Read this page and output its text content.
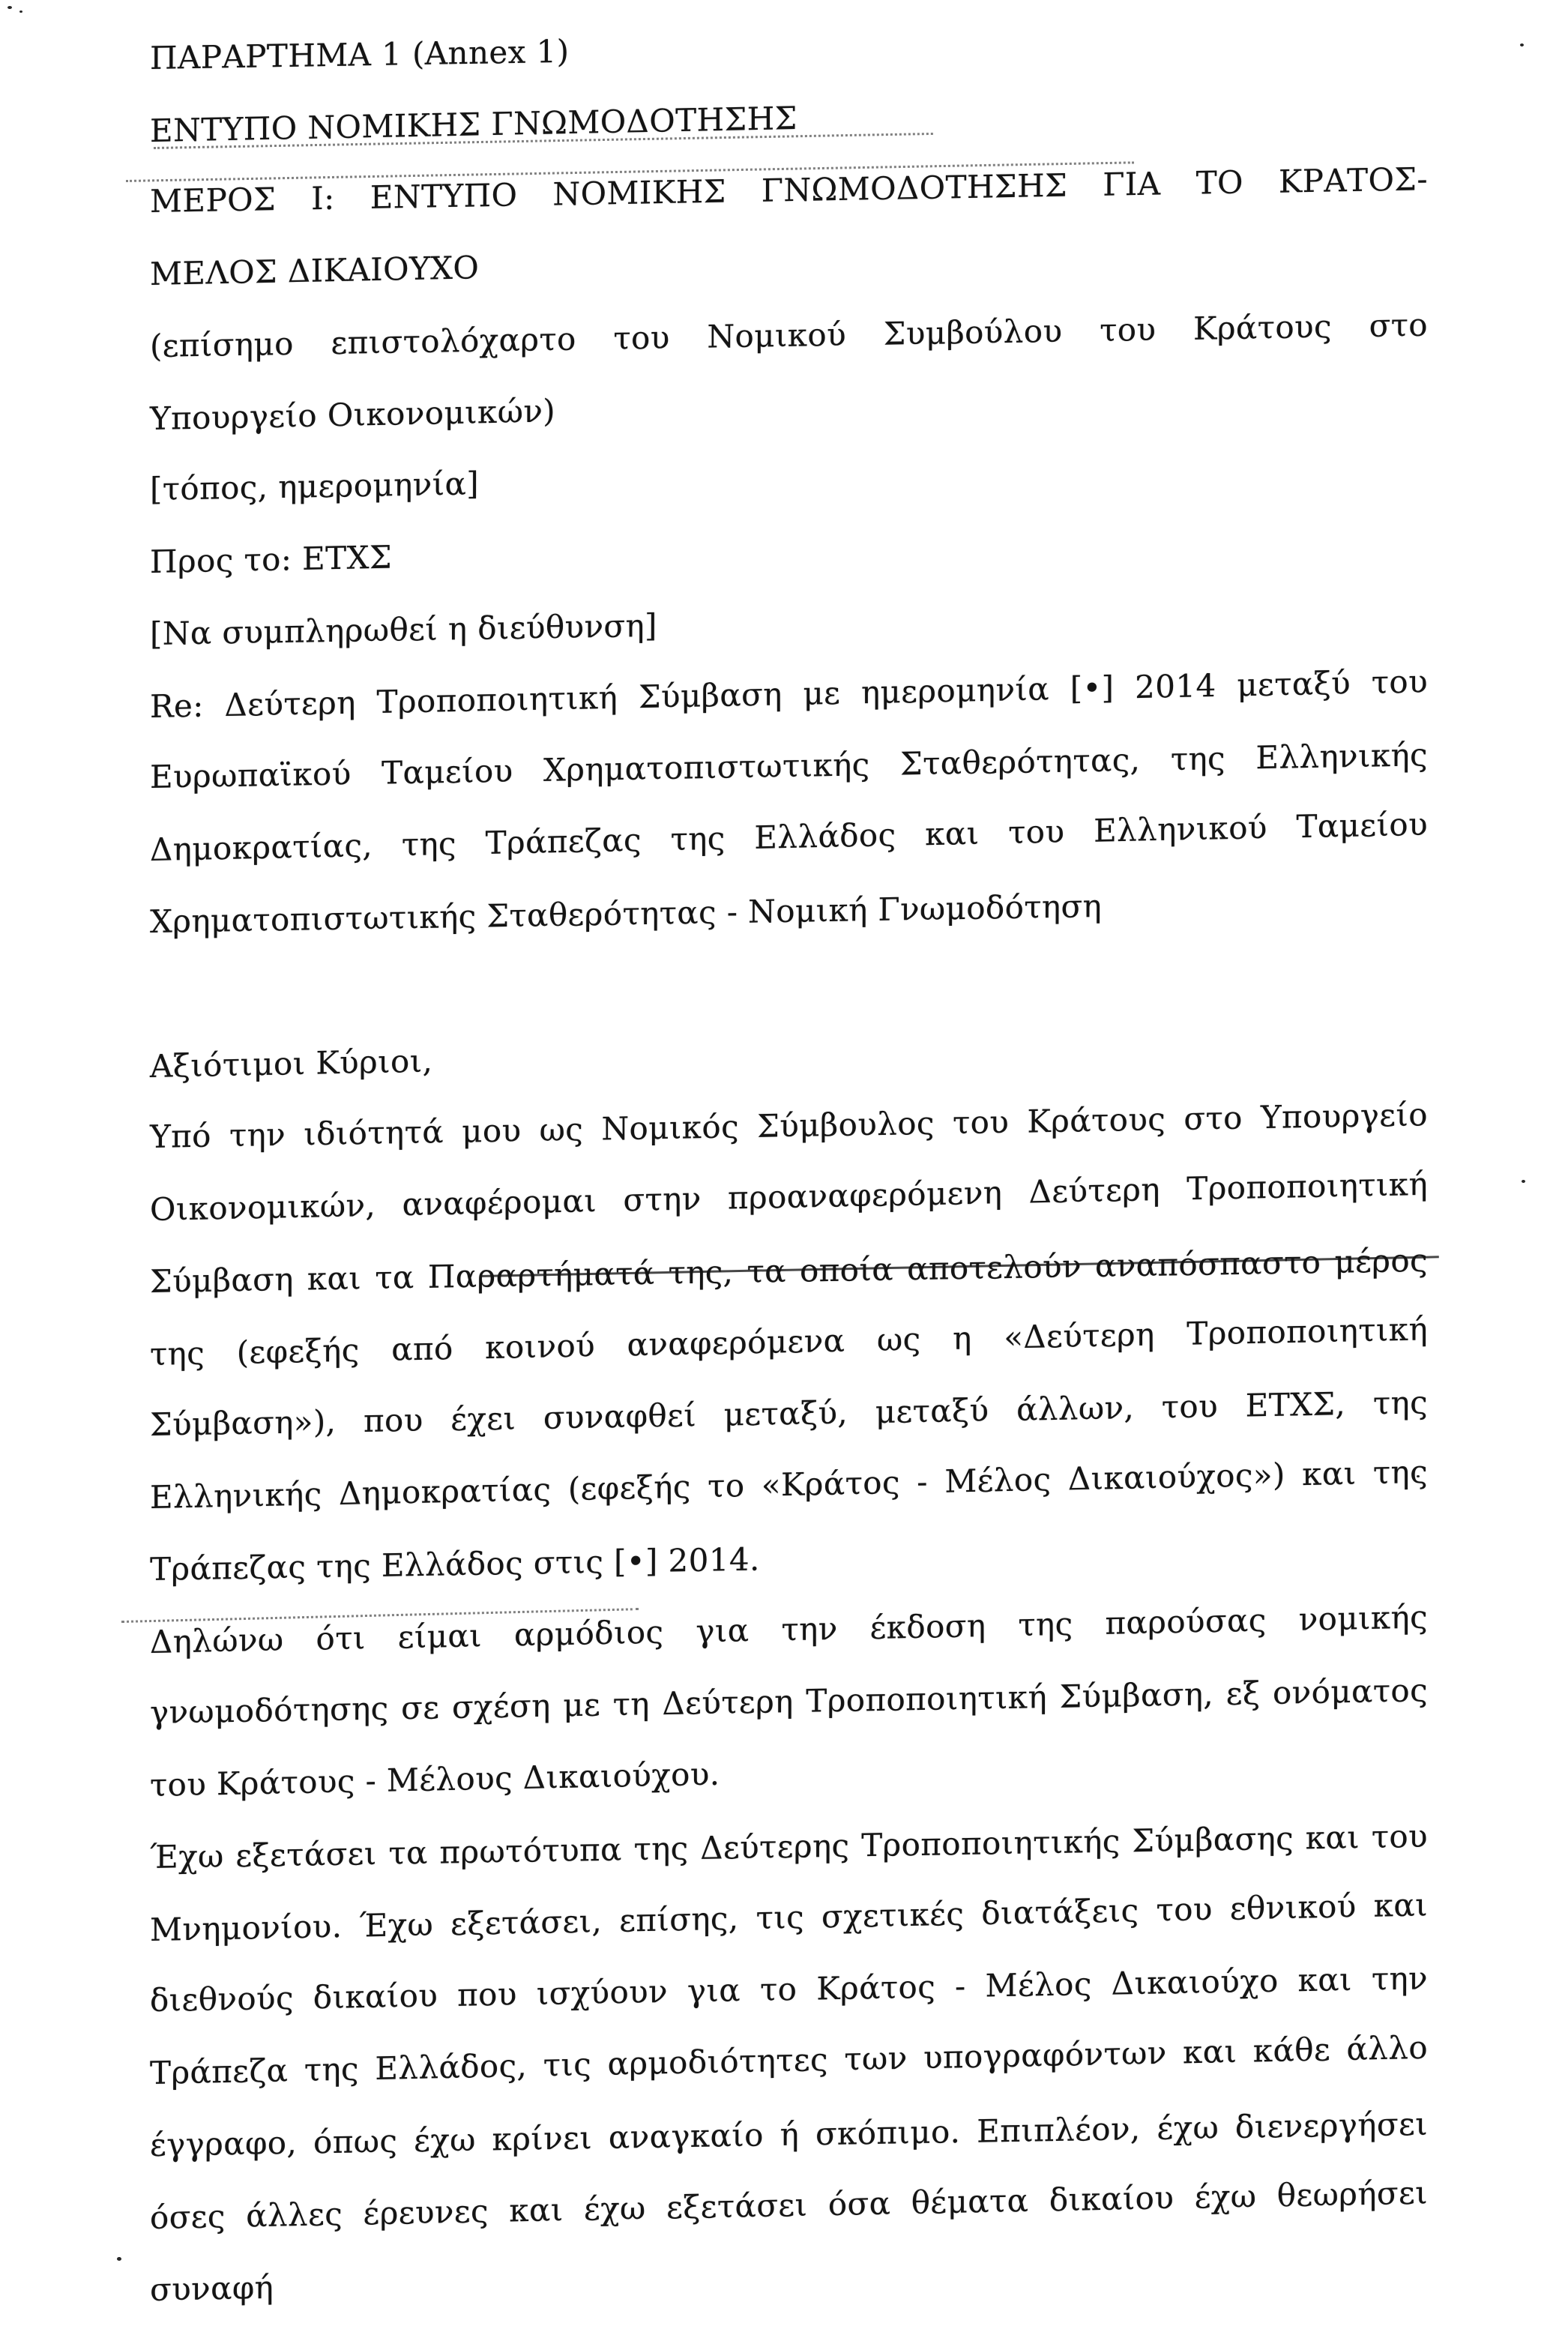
ΠΑΡΑΡΤΗΜΑ 1 (Annex 1)
ΕΝΤΥΠΟ ΝΟΜΙΚΗΣ ΓΝΩΜΟΔΟΤΗΣΗΣ
ΜΕΡΟΣ Ι: ΕΝΤΥΠΟ ΝΟΜΙΚΗΣ ΓΝΩΜΟΔΟΤΗΣΗΣ ΓΙΑ ΤΟ ΚΡΑΤΟΣ-
ΜΕΛΟΣ ΔΙΚΑΙΟΥΧΟ
(επίσημο επιστολόχαρτο του Νομικού Συμβούλου του Κράτους στο
Υπουργείο Οικονομικών)
[τόπος, ημερομηνία]
Προς το: ΕΤΧΣ
[Να συμπληρωθεί η διεύθυνση]
Re: Δεύτερη Τροποποιητική Σύμβαση με ημερομηνία [•] 2014 μεταξύ του
Ευρωπαϊκού Ταμείου Χρηματοπιστωτικής Σταθερότητας, της Ελληνικής
Δημοκρατίας, της Τράπεζας της Ελλάδος και του Ελληνικού Ταμείου
Χρηματοπιστωτικής Σταθερότητας - Νομική Γνωμοδότηση
Αξιότιμοι Κύριοι,
Υπό την ιδιότητά μου ως Νομικός Σύμβουλος του Κράτους στο Υπουργείο
Οικονομικών, αναφέρομαι στην προαναφερόμενη Δεύτερη Τροποποιητική
Σύμβαση και τα Παραρτήματά της, τα οποία αποτελούν αναπόσπαστο μέρος
της (εφεξής από κοινού αναφερόμενα ως η «Δεύτερη Τροποποιητική
Σύμβαση»), που έχει συναφθεί μεταξύ, μεταξύ άλλων, του ΕΤΧΣ, της
Ελληνικής Δημοκρατίας (εφεξής το «Κράτος - Μέλος Δικαιούχος») και της
Τράπεζας της Ελλάδος στις [•] 2014.
Δηλώνω ότι είμαι αρμόδιος για την έκδοση της παρούσας νομικής
γνωμοδότησης σε σχέση με τη Δεύτερη Τροποποιητική Σύμβαση, εξ ονόματος
του Κράτους - Μέλους Δικαιούχου.
Έχω εξετάσει τα πρωτότυπα της Δεύτερης Τροποποιητικής Σύμβασης και του
Μνημονίου. Έχω εξετάσει, επίσης, τις σχετικές διατάξεις του εθνικού και
διεθνούς δικαίου που ισχύουν για το Κράτος - Μέλος Δικαιούχο και την
Τράπεζα της Ελλάδος, τις αρμοδιότητες των υπογραφόντων και κάθε άλλο
έγγραφο, όπως έχω κρίνει αναγκαίο ή σκόπιμο. Επιπλέον, έχω διενεργήσει
όσες άλλες έρευνες και έχω εξετάσει όσα θέματα δικαίου έχω θεωρήσει συναφή
